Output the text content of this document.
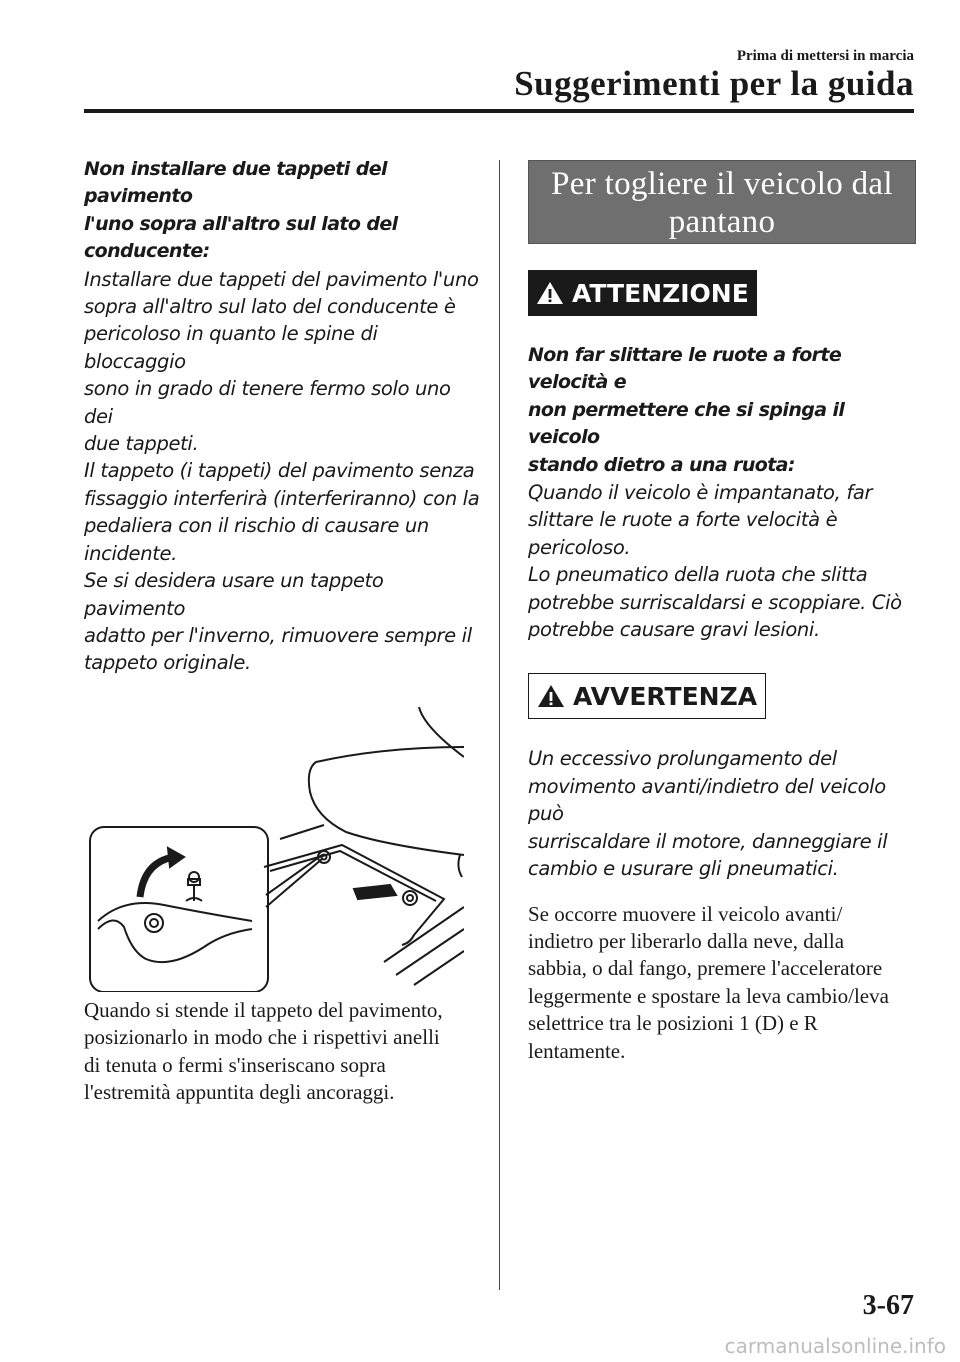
Prima di mettersi in marcia
Suggerimenti per la guida
Non installare due tappeti del pavimento
l'uno sopra all'altro sul lato del conducente:
Installare due tappeti del pavimento l'uno
sopra all'altro sul lato del conducente è
pericoloso in quanto le spine di bloccaggio
sono in grado di tenere fermo solo uno dei
due tappeti.
Il tappeto (i tappeti) del pavimento senza
fissaggio interferirà (interferiranno) con la
pedaliera con il rischio di causare un
incidente.
Se si desidera usare un tappeto pavimento
adatto per l'inverno, rimuovere sempre il
tappeto originale.
Quando si stende il tappeto del pavimento,
posizionarlo in modo che i rispettivi anelli
di tenuta o fermi s'inseriscano sopra
l'estremità appuntita degli ancoraggi.
Per togliere il veicolo dal
pantano
ATTENZIONE
Non far slittare le ruote a forte velocità e
non permettere che si spinga il veicolo
stando dietro a una ruota:
Quando il veicolo è impantanato, far
slittare le ruote a forte velocità è pericoloso.
Lo pneumatico della ruota che slitta
potrebbe surriscaldarsi e scoppiare. Ciò
potrebbe causare gravi lesioni.
AVVERTENZA
Un eccessivo prolungamento del
movimento avanti/indietro del veicolo può
surriscaldare il motore, danneggiare il
cambio e usurare gli pneumatici.
Se occorre muovere il veicolo avanti/
indietro per liberarlo dalla neve, dalla
sabbia, o dal fango, premere l'acceleratore
leggermente e spostare la leva cambio/leva
selettrice tra le posizioni 1 (D) e R
lentamente.
3-67
carmanualsonline.info
